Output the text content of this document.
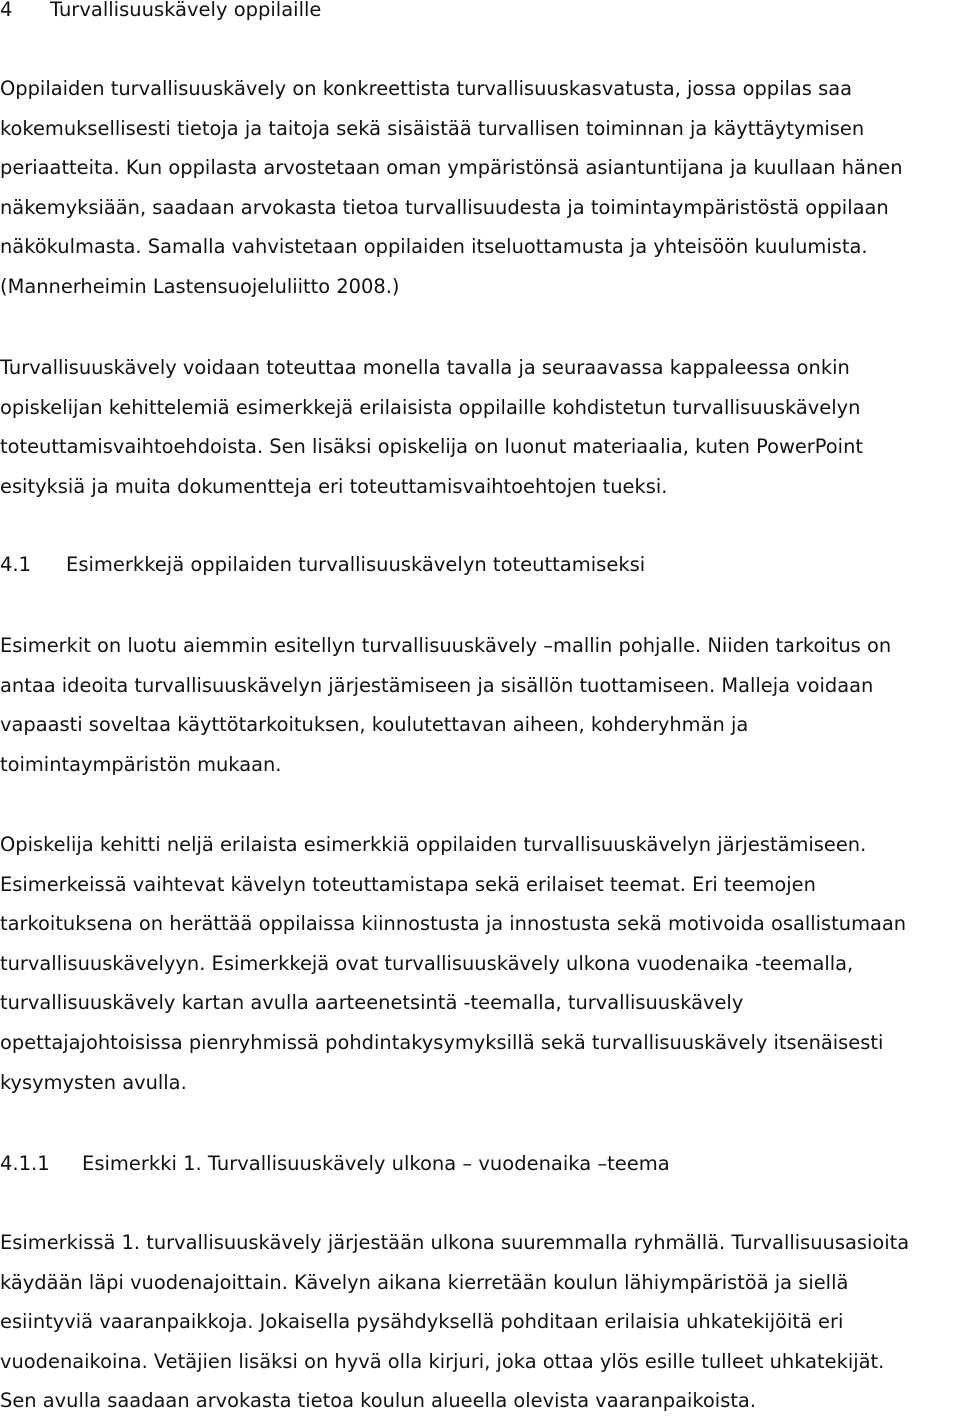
4 Turvallisuuskävely oppilaille
Oppilaiden turvallisuuskävely on konkreettista turvallisuuskasvatusta, jossa oppilas saa
kokemuksellisesti tietoja ja taitoja sekä sisäistää turvallisen toiminnan ja käyttäytymisen
periaatteita. Kun oppilasta arvostetaan oman ympäristönsä asiantuntijana ja kuullaan hänen
näkemyksiään, saadaan arvokasta tietoa turvallisuudesta ja toimintaympäristöstä oppilaan
näkökulmasta. Samalla vahvistetaan oppilaiden itseluottamusta ja yhteisöön kuulumista.
(Mannerheimin Lastensuojeluliitto 2008.)
Turvallisuuskävely voidaan toteuttaa monella tavalla ja seuraavassa kappaleessa onkin
opiskelijan kehittelemiä esimerkkejä erilaisista oppilaille kohdistetun turvallisuuskävelyn
toteuttamisvaihtoehdoista. Sen lisäksi opiskelija on luonut materiaalia, kuten PowerPoint
esityksiä ja muita dokumentteja eri toteuttamisvaihtoehtojen tueksi.
4.1 Esimerkkejä oppilaiden turvallisuuskävelyn toteuttamiseksi
Esimerkit on luotu aiemmin esitellyn turvallisuuskävely –mallin pohjalle. Niiden tarkoitus on
antaa ideoita turvallisuuskävelyn järjestämiseen ja sisällön tuottamiseen. Malleja voidaan
vapaasti soveltaa käyttötarkoituksen, koulutettavan aiheen, kohderyhmän ja
toimintaympäristön mukaan.
Opiskelija kehitti neljä erilaista esimerkkiä oppilaiden turvallisuuskävelyn järjestämiseen.
Esimerkeissä vaihtevat kävelyn toteuttamistapa sekä erilaiset teemat. Eri teemojen
tarkoituksena on herättää oppilaissa kiinnostusta ja innostusta sekä motivoida osallistumaan
turvallisuuskävelyyn. Esimerkkejä ovat turvallisuuskävely ulkona vuodenaika -teemalla,
turvallisuuskävely kartan avulla aarteenetsintä -teemalla, turvallisuuskävely
opettajajohtoisissa pienryhmissä pohdintakysymyksillä sekä turvallisuuskävely itsenäisesti
kysymysten avulla.
4.1.1 Esimerkki 1. Turvallisuuskävely ulkona – vuodenaika –teema
Esimerkissä 1. turvallisuuskävely järjestään ulkona suuremmalla ryhmällä. Turvallisuusasioita
käydään läpi vuodenajoittain. Kävelyn aikana kierretään koulun lähiympäristöä ja siellä
esiintyviä vaaranpaikkoja. Jokaisella pysähdyksellä pohditaan erilaisia uhkatekijöitä eri
vuodenaikoina. Vetäjien lisäksi on hyvä olla kirjuri, joka ottaa ylös esille tulleet uhkatekijät.
Sen avulla saadaan arvokasta tietoa koulun alueella olevista vaaranpaikoista.
